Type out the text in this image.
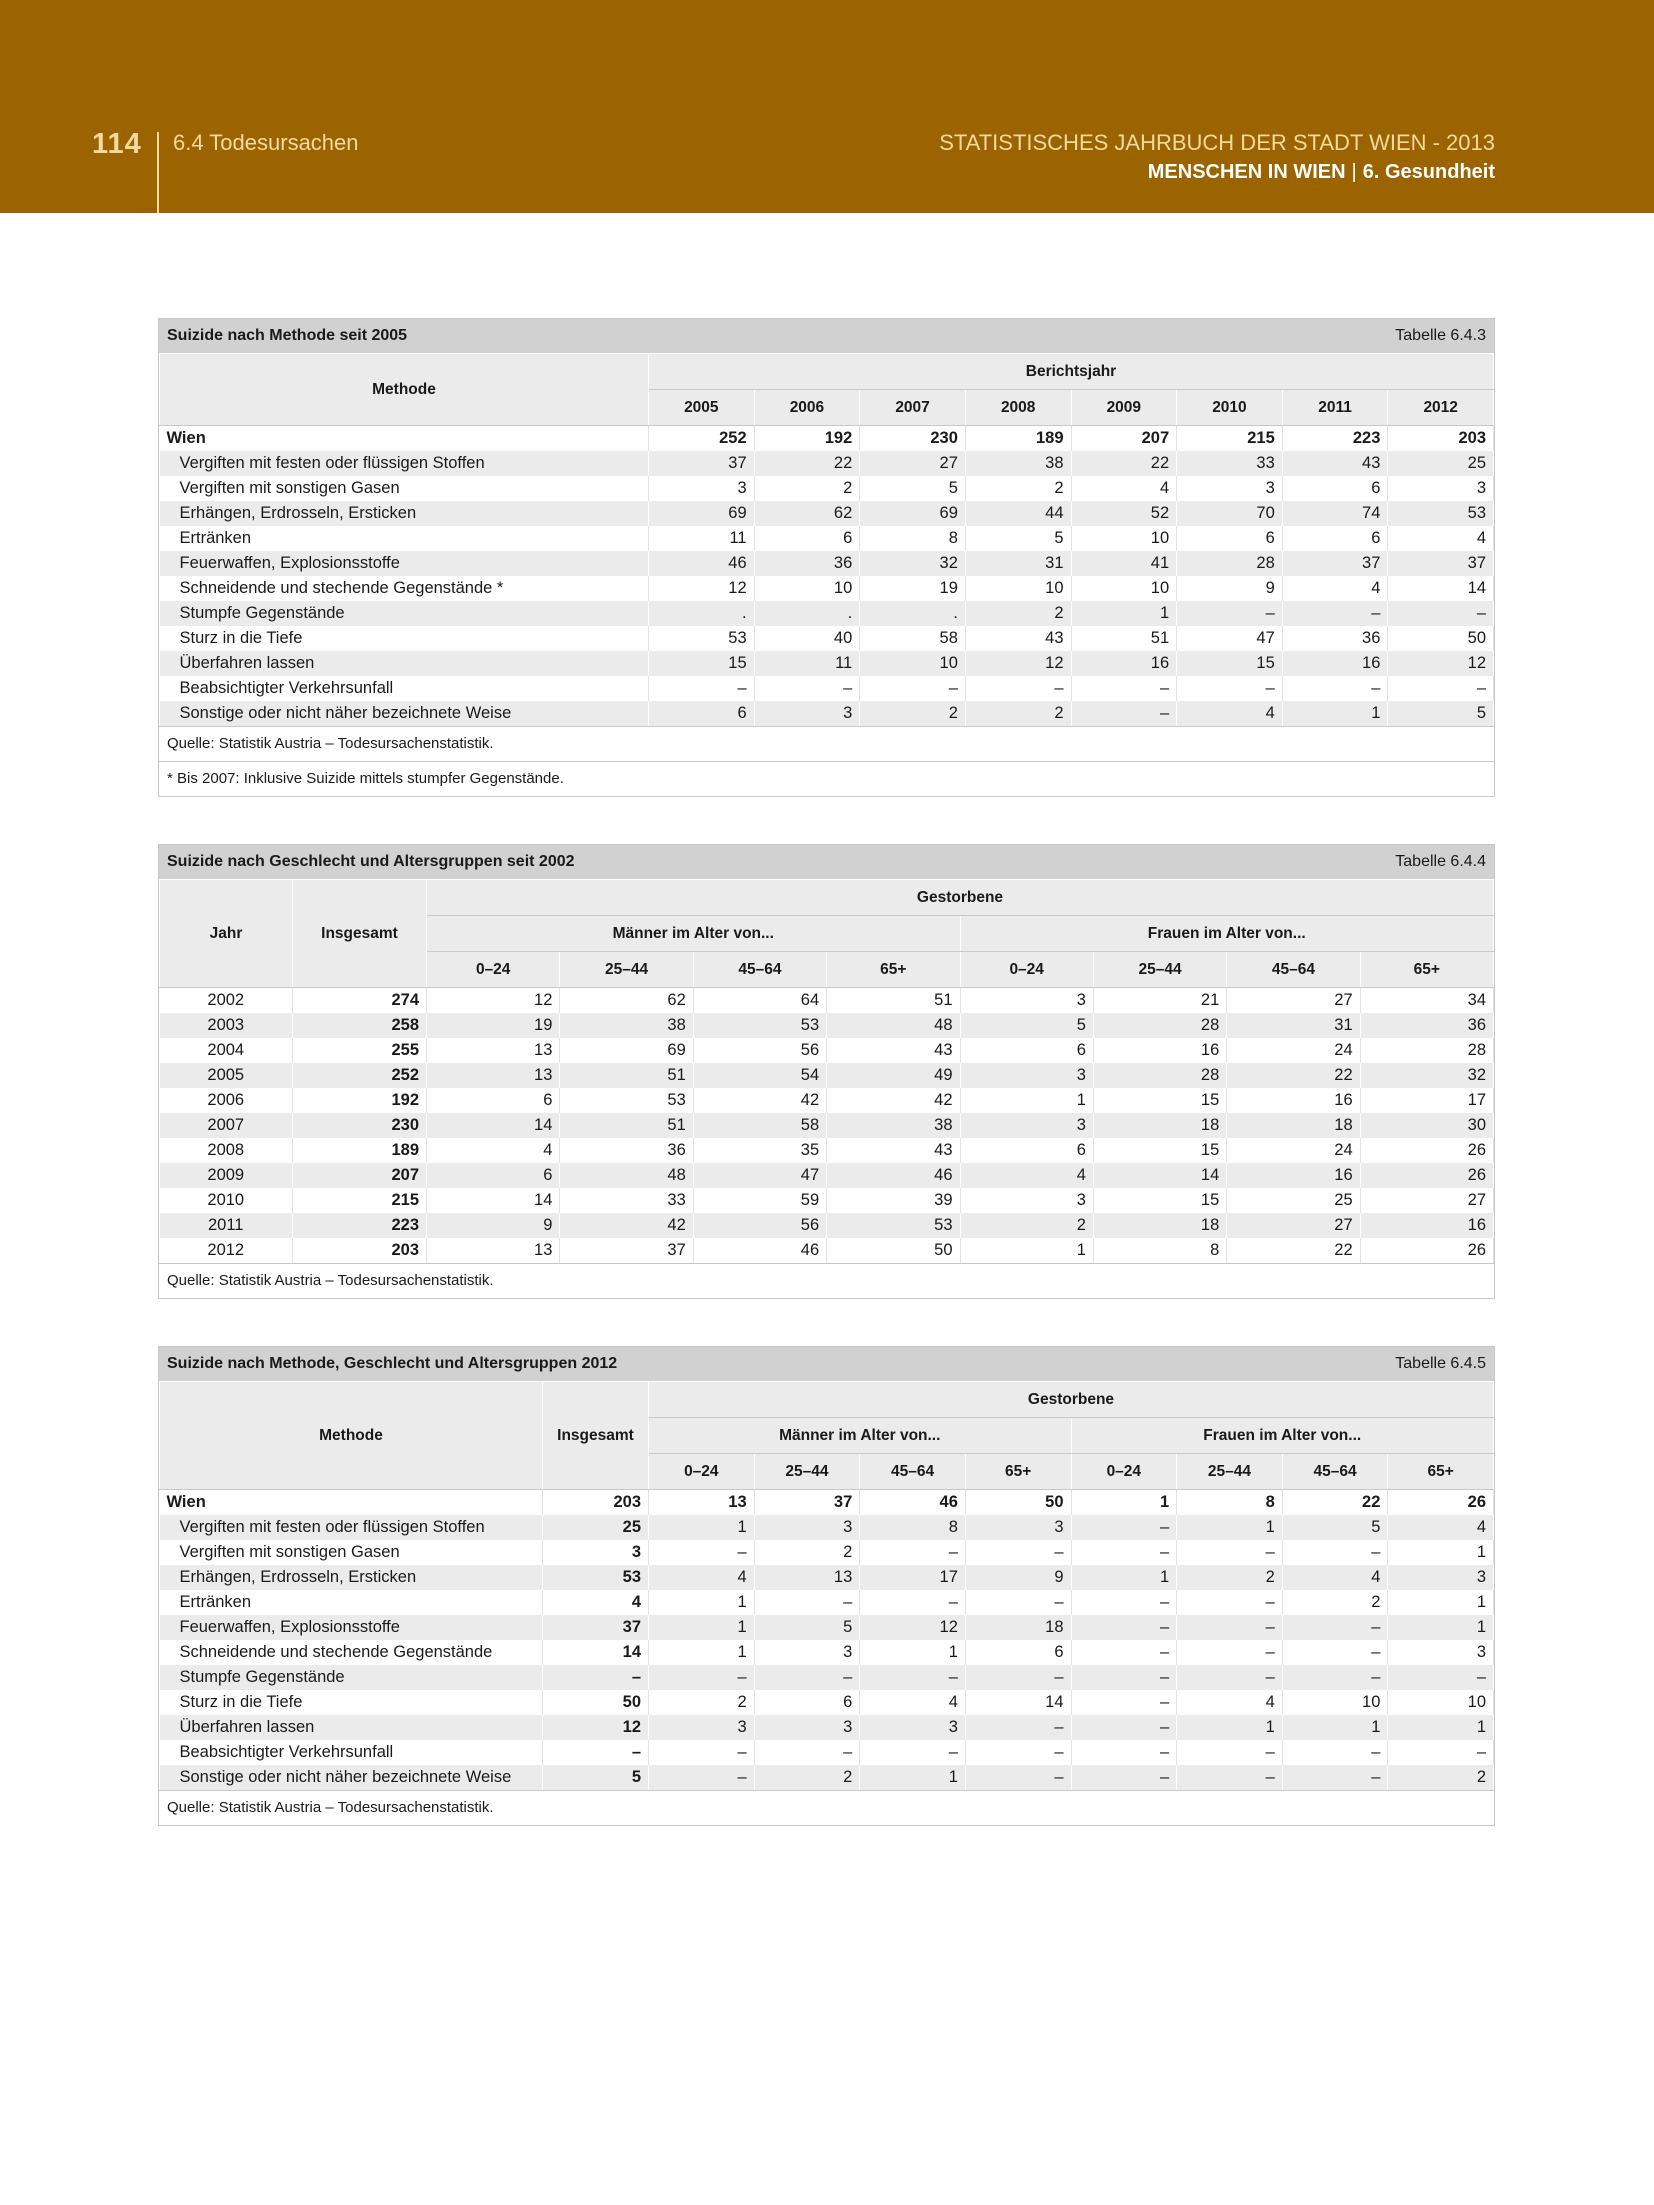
114 6.4 Todesursachen	STATISTISCHES JAHRBUCH DER STADT WIEN - 2013
MENSCHEN IN WIEN | 6. Gesundheit
Suizide nach Methode seit 2005	Tabelle 6.4.3
Methode	Berichtsjahr							
	2005	2006	2007	2008	2009	2010	2011	2012
Wien	252	192	230	189	207	215	223	203
Vergiften mit festen oder flüssigen Stoffen	37	22	27	38	22	33	43	25
Vergiften mit sonstigen Gasen	3	2	5	2	4	3	6	3
Erhängen, Erdrosseln, Ersticken	69	62	69	44	52	70	74	53
Ertränken	11	6	8	5	10	6	6	4
Feuerwaffen, Explosionsstoffe	46	36	32	31	41	28	37	37
Schneidende und stechende Gegenstände *	12	10	19	10	10	9	4	14
Stumpfe Gegenstände	.	.	.	2	1	–	–	–
Sturz in die Tiefe	53	40	58	43	51	47	36	50
Überfahren lassen	15	11	10	12	16	15	16	12
Beabsichtigter Verkehrsunfall	–	–	–	–	–	–	–	–
Sonstige oder nicht näher bezeichnete Weise	6	3	2	2	–	4	1	5
Quelle: Statistik Austria – Todesursachenstatistik.
* Bis 2007: Inklusive Suizide mittels stumpfer Gegenstände.
Suizide nach Geschlecht und Altersgruppen seit 2002	Tabelle 6.4.4
Jahr	Insgesamt	Gestorbene							
		Männer im Alter von...				Frauen im Alter von...			
		0–24	25–44	45–64	65+	0–24	25–44	45–64	65+
2002	274	12	62	64	51	3	21	27	34
2003	258	19	38	53	48	5	28	31	36
2004	255	13	69	56	43	6	16	24	28
2005	252	13	51	54	49	3	28	22	32
2006	192	6	53	42	42	1	15	16	17
2007	230	14	51	58	38	3	18	18	30
2008	189	4	36	35	43	6	15	24	26
2009	207	6	48	47	46	4	14	16	26
2010	215	14	33	59	39	3	15	25	27
2011	223	9	42	56	53	2	18	27	16
2012	203	13	37	46	50	1	8	22	26
Quelle: Statistik Austria – Todesursachenstatistik.
Suizide nach Methode, Geschlecht und Altersgruppen 2012	Tabelle 6.4.5
Methode	Insgesamt	Gestorbene							
		Männer im Alter von...				Frauen im Alter von...			
		0–24	25–44	45–64	65+	0–24	25–44	45–64	65+
Wien	203	13	37	46	50	1	8	22	26
Vergiften mit festen oder flüssigen Stoffen	25	1	3	8	3	–	1	5	4
Vergiften mit sonstigen Gasen	3	–	2	–	–	–	–	–	1
Erhängen, Erdrosseln, Ersticken	53	4	13	17	9	1	2	4	3
Ertränken	4	1	–	–	–	–	–	2	1
Feuerwaffen, Explosionsstoffe	37	1	5	12	18	–	–	–	1
Schneidende und stechende Gegenstände	14	1	3	1	6	–	–	–	3
Stumpfe Gegenstände	–	–	–	–	–	–	–	–	–
Sturz in die Tiefe	50	2	6	4	14	–	4	10	10
Überfahren lassen	12	3	3	3	–	–	1	1	1
Beabsichtigter Verkehrsunfall	–	–	–	–	–	–	–	–	–
Sonstige oder nicht näher bezeichnete Weise	5	–	2	1	–	–	–	–	2
Quelle: Statistik Austria – Todesursachenstatistik.
